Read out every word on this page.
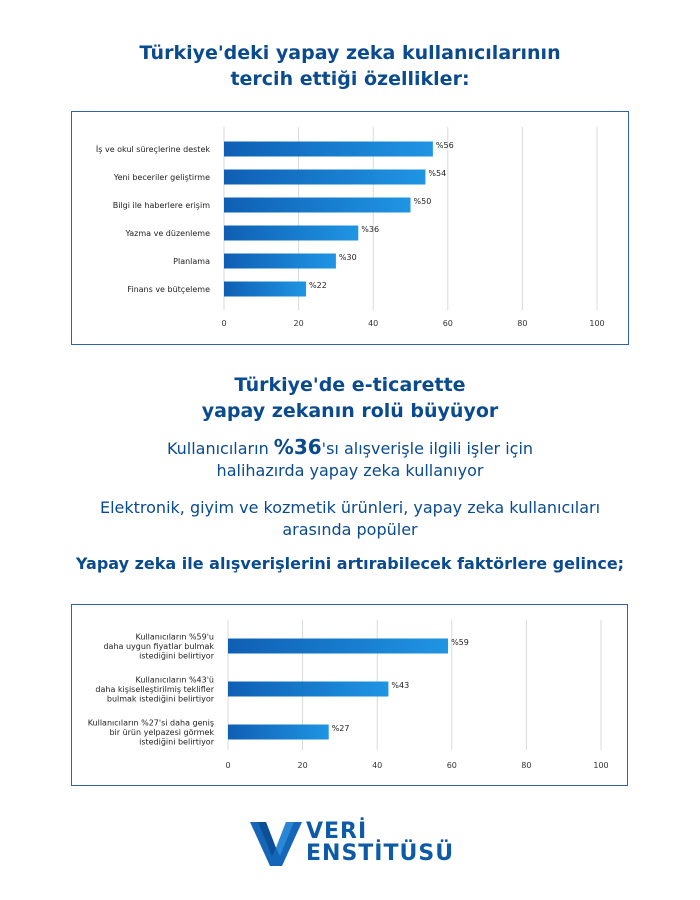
Türkiye'deki yapay zeka kullanıcılarının
tercih ettiği özellikler:
0	20	40	60	80	100
%56
İş ve okul süreçlerine destek
%54
Yeni beceriler geliştirme
%50
Bilgi ile haberlere erişim
%36
Yazma ve düzenleme
%30
Planlama
%22
Finans ve bütçeleme
Türkiye'de e-ticarette
yapay zekanın rolü büyüyor
Kullanıcıların %36'sı alışverişle ilgili işler için
halihazırda yapay zeka kullanıyor
Elektronik, giyim ve kozmetik ürünleri, yapay zeka kullanıcıları
arasında popüler
Yapay zeka ile alışverişlerini artırabilecek faktörlere gelince;
0	20	40	60	80	100
%59
Kullanıcıların %59'u daha uygun fiyatlar bulmak istediğini belirtiyor
%43
Kullanıcıların %43'ü daha kişiselleştirilmiş teklifler bulmak istediğini belirtiyor
%27
Kullanıcıların %27'si daha geniş bir ürün yelpazesi görmek istediğini belirtiyor
VERİ
ENSTİTÜSÜ
